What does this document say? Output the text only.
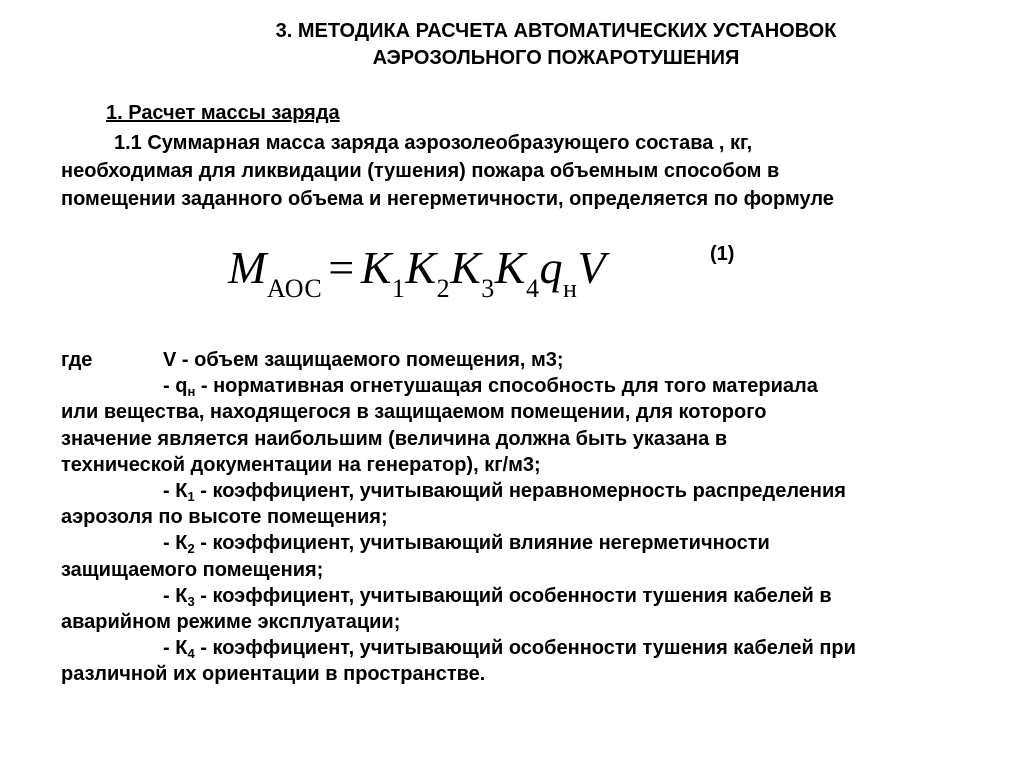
3. МЕТОДИКА РАСЧЕТА АВТОМАТИЧЕСКИХ УСТАНОВОК
АЭРОЗОЛЬНОГО ПОЖАРОТУШЕНИЯ
1. Расчет массы заряда
1.1 Суммарная масса заряда аэрозолеобразующего состава , кг,
необходимая для ликвидации (тушения) пожара объемным способом в
помещении заданного объема и негерметичности, определяется по формуле
$M_{АОС} = K_1K_2K_3K_4q_нV$	(1)
где	V - объем защищаемого помещения, м3;
- $q_н$ - нормативная огнетушащая способность для того материала
или вещества, находящегося в защищаемом помещении, для которого
значение является наибольшим (величина должна быть указана в
технической документации на генератор), кг/м3;
- $К_1$ - коэффициент, учитывающий неравномерность распределения
аэрозоля по высоте помещения;
- $К_2$ - коэффициент, учитывающий влияние негерметичности
защищаемого помещения;
- $К_3$ - коэффициент, учитывающий особенности тушения кабелей в
аварийном режиме эксплуатации;
- $К_4$ - коэффициент, учитывающий особенности тушения кабелей при
различной их ориентации в пространстве.
